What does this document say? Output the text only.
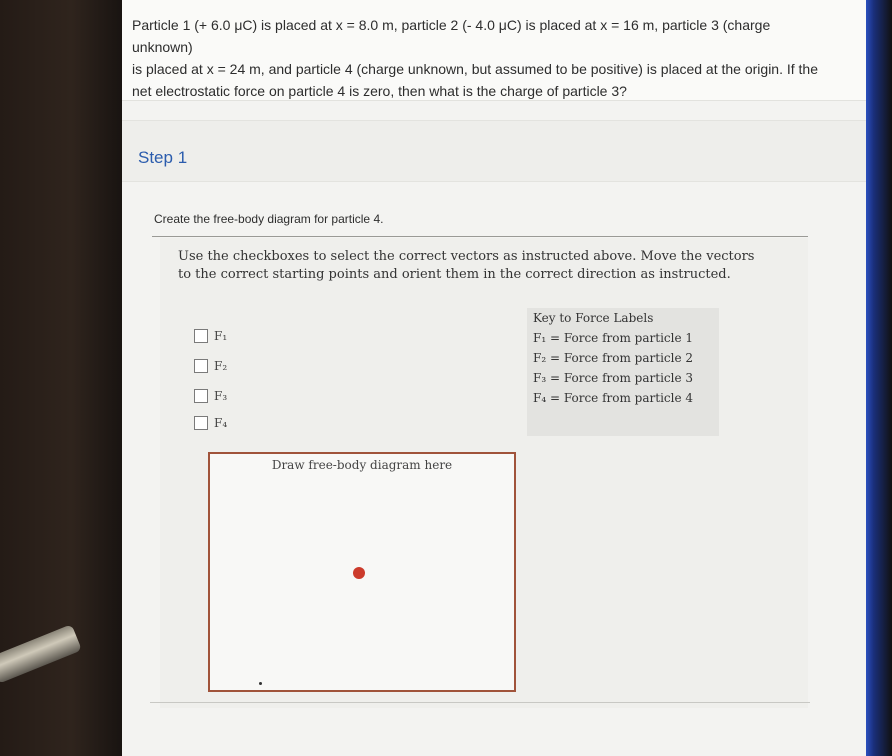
Particle 1 (+ 6.0 μC) is placed at x = 8.0 m, particle 2 (- 4.0 μC) is placed at x = 16 m, particle 3 (charge unknown)
is placed at x = 24 m, and particle 4 (charge unknown, but assumed to be positive) is placed at the origin. If the
net electrostatic force on particle 4 is zero, then what is the charge of particle 3?
Step 1
Create the free-body diagram for particle 4.
Use the checkboxes to select the correct vectors as instructed above. Move the vectors
to the correct starting points and orient them in the correct direction as instructed.
F₁
F₂
F₃
F₄
Key to Force Labels
F₁ = Force from particle 1
F₂ = Force from particle 2
F₃ = Force from particle 3
F₄ = Force from particle 4
Draw free-body diagram here
